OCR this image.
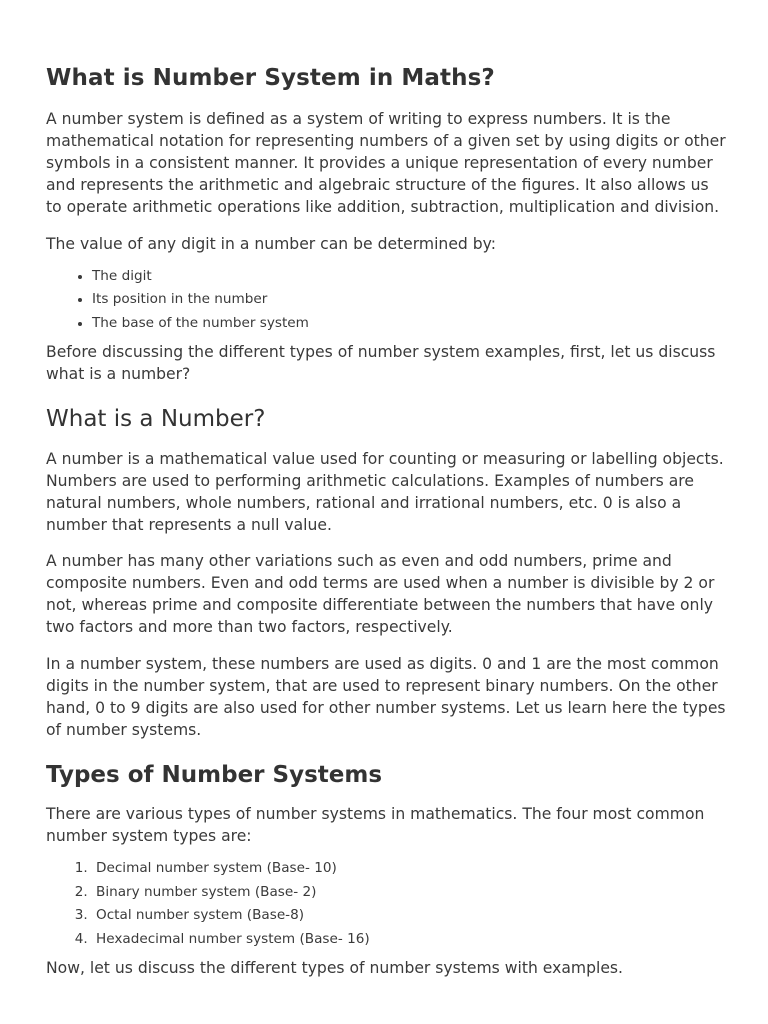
What is Number System in Maths?

A number system is defined as a system of writing to express numbers. It is the mathematical notation for representing numbers of a given set by using digits or other symbols in a consistent manner. It provides a unique representation of every number and represents the arithmetic and algebraic structure of the figures. It also allows us to operate arithmetic operations like addition, subtraction, multiplication and division.

The value of any digit in a number can be determined by:

• The digit
• Its position in the number
• The base of the number system

Before discussing the different types of number system examples, first, let us discuss what is a number?

What is a Number?

A number is a mathematical value used for counting or measuring or labelling objects. Numbers are used to performing arithmetic calculations. Examples of numbers are natural numbers, whole numbers, rational and irrational numbers, etc. 0 is also a number that represents a null value.

A number has many other variations such as even and odd numbers, prime and composite numbers. Even and odd terms are used when a number is divisible by 2 or not, whereas prime and composite differentiate between the numbers that have only two factors and more than two factors, respectively.

In a number system, these numbers are used as digits. 0 and 1 are the most common digits in the number system, that are used to represent binary numbers. On the other hand, 0 to 9 digits are also used for other number systems. Let us learn here the types of number systems.

Types of Number Systems

There are various types of number systems in mathematics. The four most common number system types are:

1. Decimal number system (Base- 10)
2. Binary number system (Base- 2)
3. Octal number system (Base-8)
4. Hexadecimal number system (Base- 16)

Now, let us discuss the different types of number systems with examples.
